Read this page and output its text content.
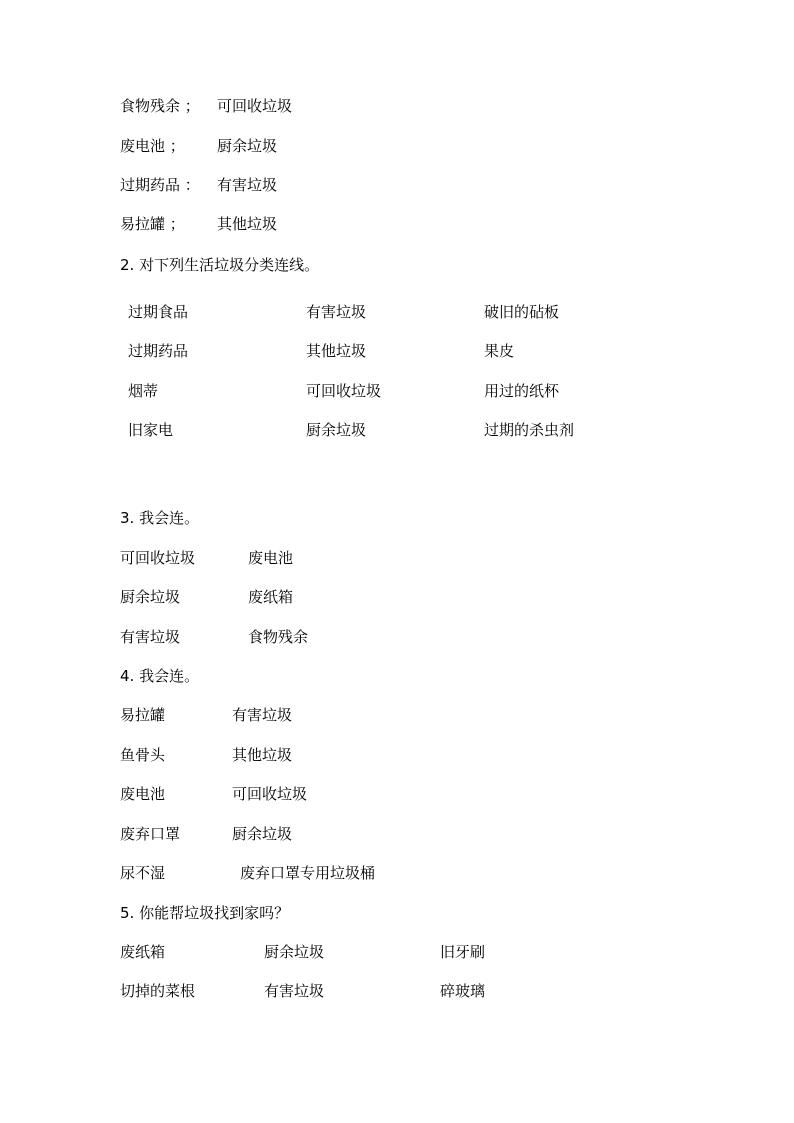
食物残余 ； 可回收垃圾
废电池 ； 厨余垃圾
过期药品 ： 有害垃圾
易拉罐 ； 其他垃圾
2. 对下列生活垃圾分类连线。
过期食品
过期药品
烟蒂
旧家电
有害垃圾
其他垃圾
可回收垃圾
厨余垃圾
破旧的砧板
果皮
用过的纸杯
过期的杀虫剂
3. 我会连。
可回收垃圾
厨余垃圾
有害垃圾
废电池
废纸箱
食物残余
4. 我会连。
易拉罐
鱼骨头
废电池
废弃口罩
尿不湿
有害垃圾
其他垃圾
可回收垃圾
厨余垃圾
废弃口罩专用垃圾桶
5. 你能帮垃圾找到家吗？
废纸箱
切掉的菜根
厨余垃圾
有害垃圾
旧牙刷
碎玻璃
